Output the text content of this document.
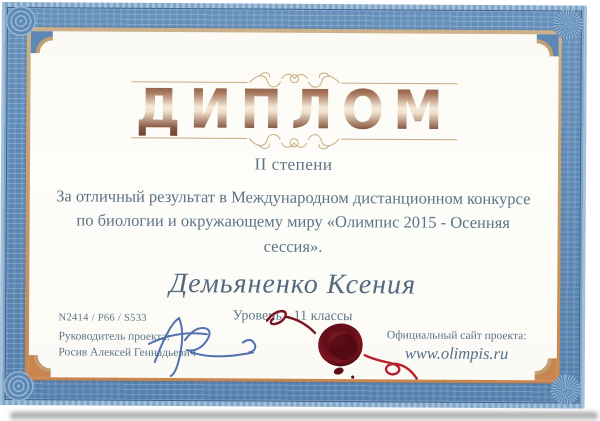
ДИПЛОМ
II степени
За отличный результат в Международном дистанционном конкурсе по биологии и окружающему миру «Олимпис 2015 - Осенняя сессия».
Демьяненко Ксения
Уровень - 11 классы
N2414 / P66 / S533
Руководитель проекта:
Росив Алексей Геннадьевич
Официальный сайт проекта:
www.olimpis.ru
